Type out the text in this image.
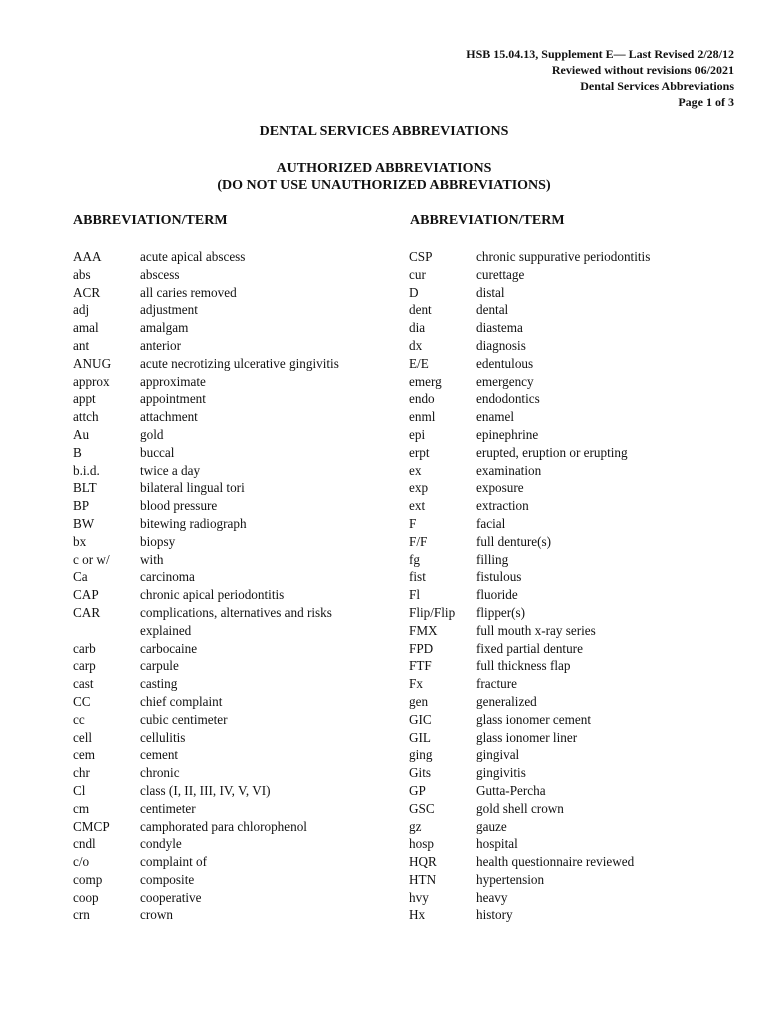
HSB 15.04.13, Supplement E— Last Revised 2/28/12
Reviewed without revisions 06/2021
Dental Services Abbreviations
Page 1 of 3
DENTAL SERVICES ABBREVIATIONS
AUTHORIZED ABBREVIATIONS
(DO NOT USE UNAUTHORIZED ABBREVIATIONS)
ABBREVIATION/TERM	ABBREVIATION/TERM
AAA	acute apical abscess
abs	abscess
ACR	all caries removed
adj	adjustment
amal	amalgam
ant	anterior
ANUG acute necrotizing ulcerative gingivitis
approx approximate
appt	appointment
attch	attachment
Au	gold
B	buccal
b.i.d.	twice a day
BLT	bilateral lingual tori
BP	blood pressure
BW	bitewing radiograph
bx	biopsy
c or w/ with
Ca	carcinoma
CAP	chronic apical periodontitis
CAR	complications, alternatives and risks
explained
carb	carbocaine
carp	carpule
cast	casting
CC	chief complaint
cc	cubic centimeter
cell	cellulitis
cem	cement
chr	chronic
Cl	class (I, II, III, IV, V, VI)
cm	centimeter
CMCP camphorated para chlorophenol
cndl	condyle
c/o	complaint of
comp	composite
coop	cooperative
crn	crown
CSP	chronic suppurative periodontitis
cur	curettage
D	distal
dent	dental
dia	diastema
dx	diagnosis
E/E	edentulous
emerg	emergency
endo	endodontics
enml	enamel
epi	epinephrine
erpt	erupted, eruption or erupting
ex	examination
exp	exposure
ext	extraction
F	facial
F/F	full denture(s)
fg	filling
fist	fistulous
Fl	fluoride
Flip/Flip flipper(s)
FMX	full mouth x-ray series
FPD	fixed partial denture
FTF	full thickness flap
Fx	fracture
gen	generalized
GIC	glass ionomer cement
GIL	glass ionomer liner
ging	gingival
Gits	gingivitis
GP	Gutta-Percha
GSC	gold shell crown
gz	gauze
hosp	hospital
HQR	health questionnaire reviewed
HTN	hypertension
hvy	heavy
Hx	history
